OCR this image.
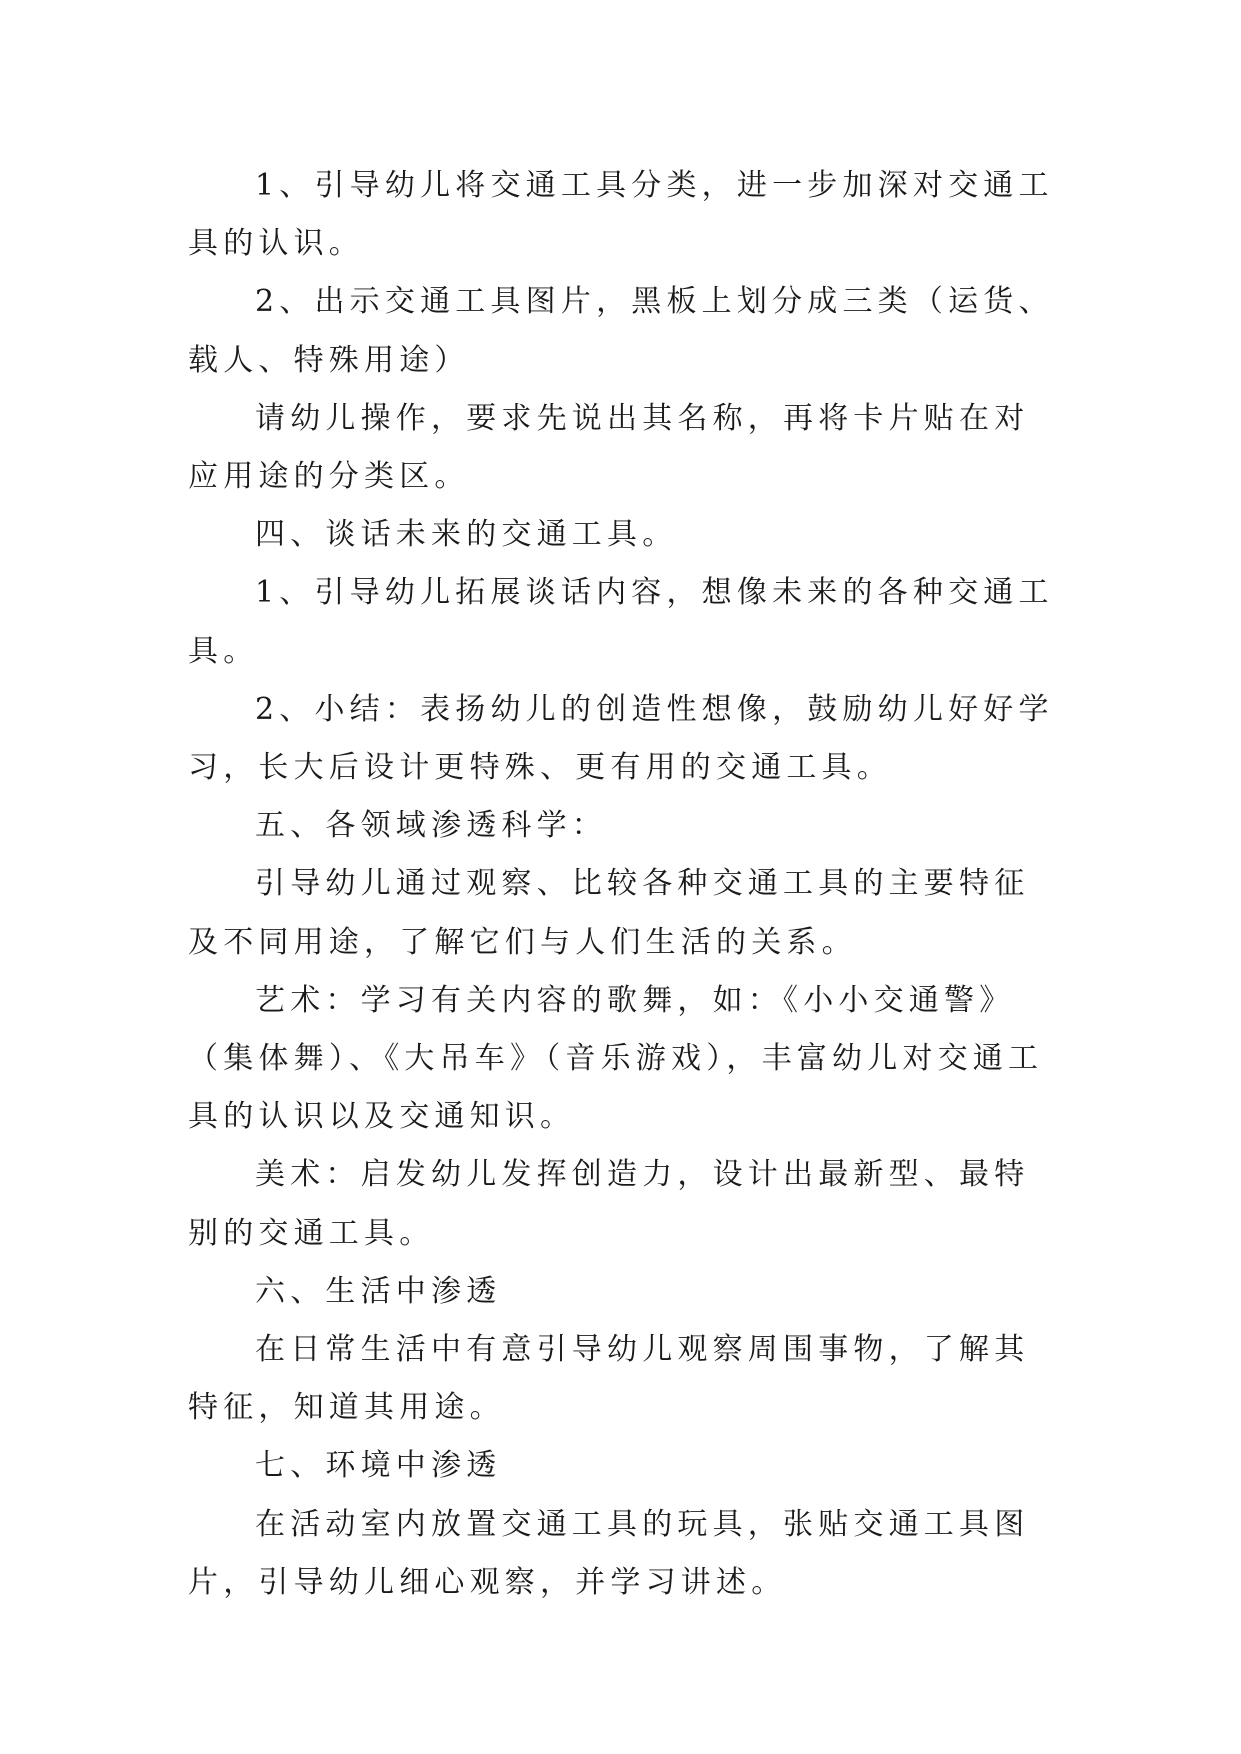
1、引导幼儿将交通工具分类，进一步加深对交通工具的认识。

2、出示交通工具图片，黑板上划分成三类（运货、载人、特殊用途）

请幼儿操作，要求先说出其名称，再将卡片贴在对应用途的分类区。

四、谈话未来的交通工具。

1、引导幼儿拓展谈话内容，想像未来的各种交通工具。

2、小结：表扬幼儿的创造性想像，鼓励幼儿好好学习，长大后设计更特殊、更有用的交通工具。

五、各领域渗透科学：

引导幼儿通过观察、比较各种交通工具的主要特征及不同用途，了解它们与人们生活的关系。

艺术：学习有关内容的歌舞，如：《小小交通警》（集体舞）、《大吊车》（音乐游戏），丰富幼儿对交通工具的认识以及交通知识。

美术：启发幼儿发挥创造力，设计出最新型、最特别的交通工具。

六、生活中渗透

在日常生活中有意引导幼儿观察周围事物，了解其特征，知道其用途。

七、环境中渗透

在活动室内放置交通工具的玩具，张贴交通工具图片，引导幼儿细心观察，并学习讲述。
